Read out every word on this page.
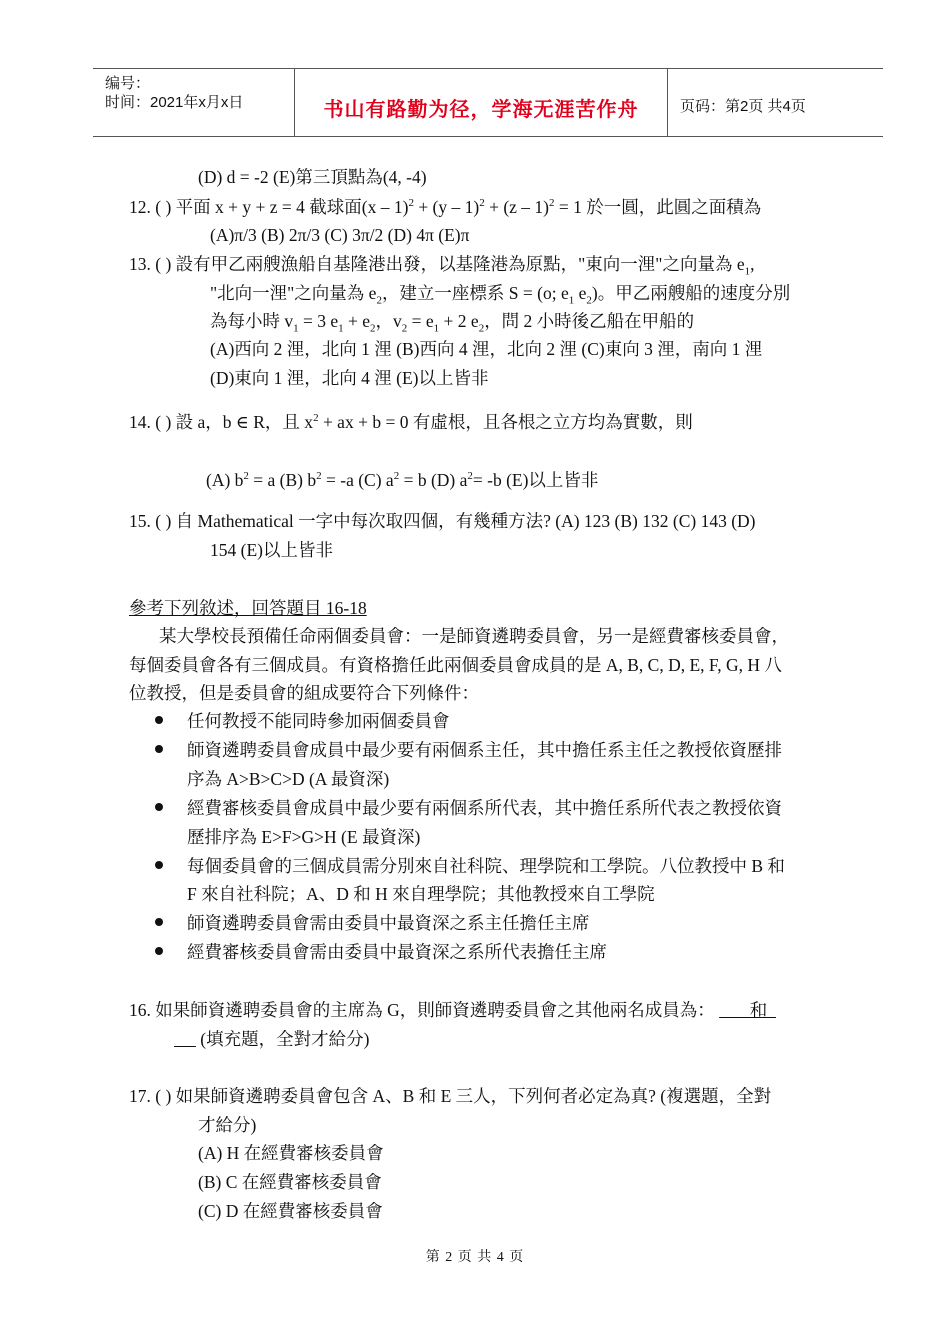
编号：
时间：2021年x月x日	书山有路勤为径，学海无涯苦作舟	页码：第2页 共4页
(D) d = -2 (E)第三頂點為(4, -4)
12. ( ) 平面 x + y + z = 4 截球面(x – 1)$^2$ + (y – 1)$^2$ + (z – 1)$^2$ = 1 於一圓，此圓之面積為
(A)π/3 (B) 2π/3 (C) 3π/2 (D) 4π (E)π
13. ( ) 設有甲乙兩艘漁船自基隆港出發，以基隆港為原點，"東向一浬"之向量為 $e_1$,
"北向一浬"之向量為 $e_2$，建立一座標系 S = (o; $e_1$ $e_2$)。甲乙兩艘船的速度分別
為每小時 $v_1 = 3$ $e_1 + e_2$，$v_2 = e_1 + 2$ $e_2$，問 2 小時後乙船在甲船的
(A)西向 2 浬，北向 1 浬 (B)西向 4 浬，北向 2 浬 (C)東向 3 浬，南向 1 浬
(D)東向 1 浬，北向 4 浬 (E)以上皆非
14. ( ) 設 a，b ∈ R，且 $x^2$ + ax + b = 0 有虛根，且各根之立方均為實數，則
(A) $b^2 = a$ (B) $b^2 = -a$ (C) $a^2 = b$ (D) $a^2= -b$ (E)以上皆非
15. ( ) 自 Mathematical 一字中每次取四個，有幾種方法? (A) 123 (B) 132 (C) 143 (D)
154 (E)以上皆非
參考下列敘述，回答題目 16-18
某大學校長預備任命兩個委員會：一是師資遴聘委員會，另一是經費審核委員會，
每個委員會各有三個成員。有資格擔任此兩個委員會成員的是 A, B, C, D, E, F, G, H 八
位教授，但是委員會的組成要符合下列條件：
任何教授不能同時參加兩個委員會
師資遴聘委員會成員中最少要有兩個系主任，其中擔任系主任之教授依資歷排
序為 A>B>C>D (A 最資深)
經費審核委員會成員中最少要有兩個系所代表，其中擔任系所代表之教授依資
歷排序為 E>F>G>H (E 最資深)
每個委員會的三個成員需分別來自社科院、理學院和工學院。八位教授中 B 和
F 來自社科院；A、D 和 H 來自理學院；其他教授來自工學院
師資遴聘委員會需由委員中最資深之系主任擔任主席
經費審核委員會需由委員中最資深之系所代表擔任主席
16. 如果師資遴聘委員會的主席為 G，則師資遴聘委員會之其他兩名成員為：        和
(填充題，全對才給分)
17. ( ) 如果師資遴聘委員會包含 A、B 和 E 三人，下列何者必定為真? (複選題，全對
才給分)
(A) H 在經費審核委員會
(B) C 在經費審核委員會
(C) D 在經費審核委員會
第 2 页 共 4 页
